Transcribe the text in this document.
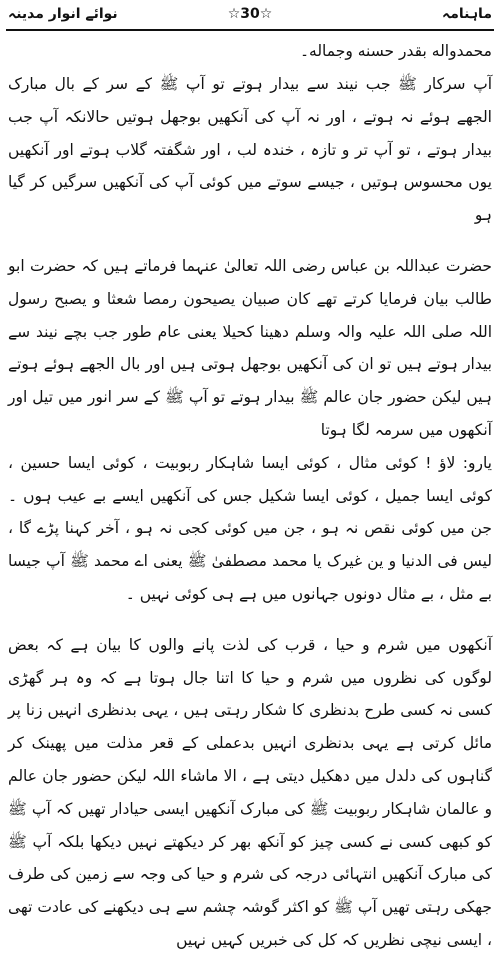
ماہنامہ
☆30☆
نوائے انوار مدینہ

محمدواله بقدر حسنه وجماله۔

آپ سرکار ﷺ جب نیند سے بیدار ہوتے تو آپ ﷺ کے سر کے بال مبارک الجھے ہوئے نہ ہوتے ، اور نہ آپ کی آنکھیں بوجھل ہوتیں حالانکہ آپ جب بیدار ہوتے ، تو آپ تر و تازہ ، خندہ لب ، اور شگفتہ گلاب ہوتے اور آنکھیں یوں محسوس ہوتیں ، جیسے سوتے میں کوئی آپ کی آنکھیں سرگیں کر گیا ہو

حضرت عبداللہ بن عباس رضی اللہ تعالیٰ عنہما فرماتے ہیں کہ حضرت ابو طالب بیان فرمایا کرتے تھے کان صبیان یصیحون رمصا شعثا و یصبح رسول اللہ صلی اللہ علیہ والہ وسلم دھینا کحیلا یعنی عام طور جب بچے نیند سے بیدار ہوتے ہیں تو ان کی آنکھیں بوجھل ہوتی ہیں اور بال الجھے ہوئے ہوتے ہیں لیکن حضور جان عالم ﷺ بیدار ہوتے تو آپ ﷺ کے سر انور میں تیل اور آنکھوں میں سرمہ لگا ہوتا

یارو: لاؤ ! کوئی مثال ، کوئی ایسا شاہکار ربوبیت ، کوئی ایسا حسین ، کوئی ایسا جمیل ، کوئی ایسا شکیل جس کی آنکھیں ایسے بے عیب ہوں ۔ جن میں کوئی نقص نہ ہو ، جن میں کوئی کجی نہ ہو ، آخر کہنا پڑے گا ، لیس فی الدنیا و ین غیرک یا محمد مصطفیٰ ﷺ یعنی اے محمد ﷺ آپ جیسا بے مثل ، بے مثال دونوں جہانوں میں ہے ہی کوئی نہیں ۔

آنکھوں میں شرم و حیا ، قرب کی لذت پانے والوں کا بیان ہے کہ بعض لوگوں کی نظروں میں شرم و حیا کا اتنا جال ہوتا ہے کہ وہ ہر گھڑی کسی نہ کسی طرح بدنظری کا شکار رہتی ہیں ، یہی بدنظری انہیں زنا پر مائل کرتی ہے یہی بدنظری انہیں بدعملی کے قعر مذلت میں پھینک کر گناہوں کی دلدل میں دھکیل دیتی ہے ، الا ماشاء اللہ لیکن حضور جان عالم و عالمان شاہکار ربوبیت ﷺ کی مبارک آنکھیں ایسی حیادار تھیں کہ آپ ﷺ کو کبھی کسی نے کسی چیز کو آنکھ بھر کر دیکھتے نہیں دیکھا بلکہ آپ ﷺ کی مبارک آنکھیں انتہائی درجہ کی شرم و حیا کی وجہ سے زمین کی طرف جھکی رہتی تھیں آپ ﷺ کو اکثر گوشہ چشم سے ہی دیکھنے کی عادت تھی ، ایسی نیچی نظریں کہ کل کی خبریں کہیں نہیں
